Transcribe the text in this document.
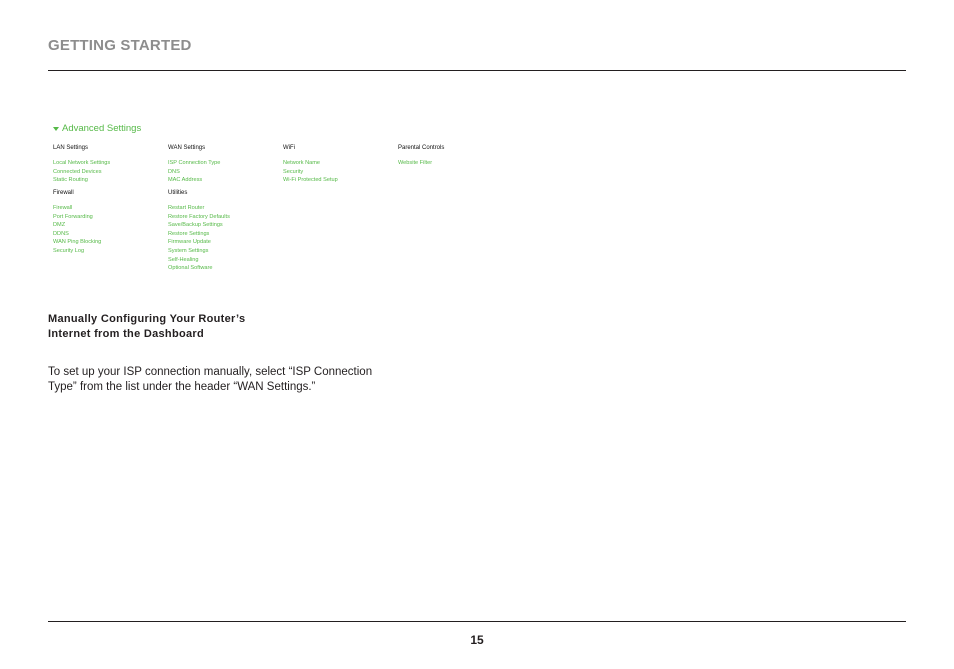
GETTING STARTED
Advanced Settings
LAN Settings
Local Network Settings
Connected Devices
Static Routing
WAN Settings
ISP Connection Type
DNS
MAC Address
WiFi
Network Name
Security
Wi-Fi Protected Setup
Parental Controls
Website Filter
Firewall
Firewall
Port Forwarding
DMZ
DDNS
WAN Ping Blocking
Security Log
Utilities
Restart Router
Restore Factory Defaults
Save/Backup Settings
Restore Settings
Firmware Update
System Settings
Self-Healing
Optional Software
Manually Configuring Your Router’s
Internet from the Dashboard
To set up your ISP connection manually, select “ISP Connection
Type” from the list under the header “WAN Settings.”
15
